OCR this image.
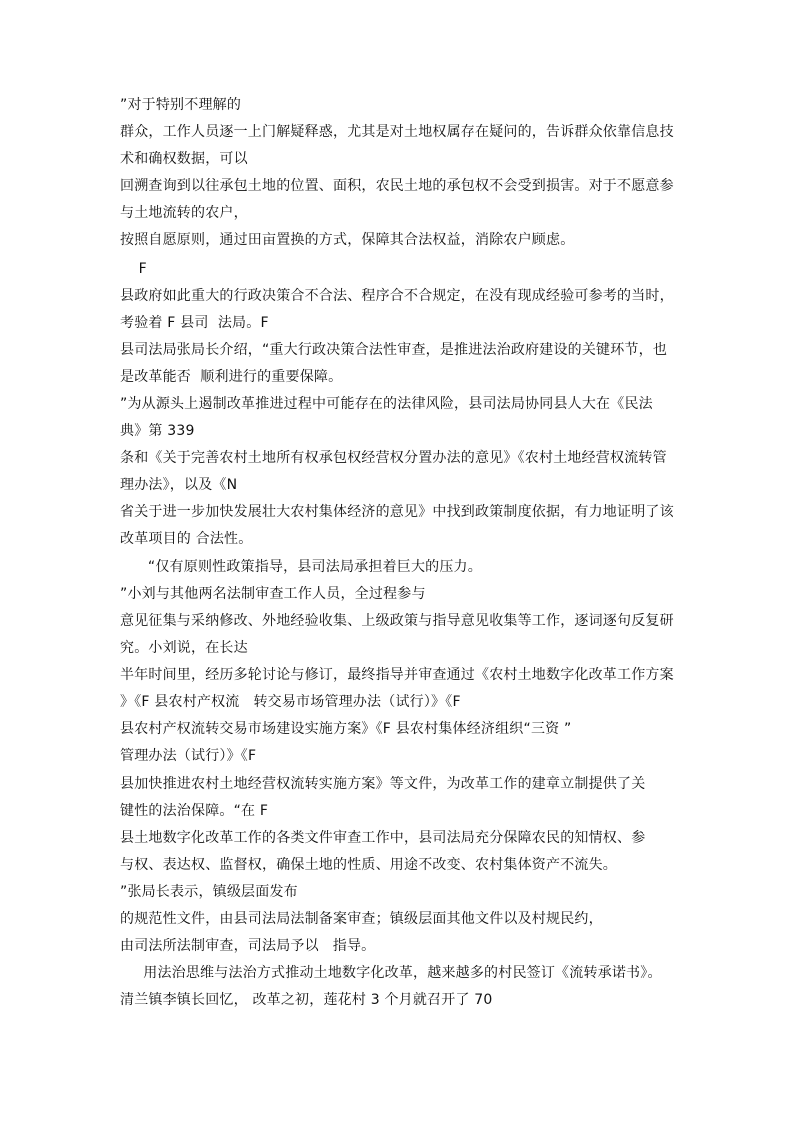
”对于特别不理解的
群众，工作人员逐一上门解疑释惑，尤其是对土地权属存在疑问的，告诉群众依靠信息技
术和确权数据，可以
回溯查询到以往承包土地的位置、面积，农民土地的承包权不会受到损害。对于不愿意参
与土地流转的农户，
按照自愿原则，通过田亩置换的方式，保障其合法权益，消除农户顾虑。
F
县政府如此重大的行政决策合不合法、程序合不合规定，在没有现成经验可参考的当时，
考验着 F 县司  法局。F
县司法局张局长介绍，“重大行政决策合法性审查，是推进法治政府建设的关键环节，也
是改革能否  顺利进行的重要保障。
”为从源头上遏制改革推进过程中可能存在的法律风险，县司法局协同县人大在《民法
典》第 339
条和《关于完善农村土地所有权承包权经营权分置办法的意见》《农村土地经营权流转管
理办法》，以及《N
省关于进一步加快发展壮大农村集体经济的意见》中找到政策制度依据，有力地证明了该
改革项目的 合法性。
“仅有原则性政策指导，县司法局承担着巨大的压力。
”小刘与其他两名法制审查工作人员，全过程参与
意见征集与采纳修改、外地经验收集、上级政策与指导意见收集等工作，逐词逐句反复研
究。小刘说，在长达
半年时间里，经历多轮讨论与修订，最终指导并审查通过《农村土地数字化改革工作方案
》《F 县农村产权流   转交易市场管理办法（试行）》《F
县农村产权流转交易市场建设实施方案》《F 县农村集体经济组织“三资 ”
管理办法（试行）》《F
县加快推进农村土地经营权流转实施方案》等文件，为改革工作的建章立制提供了关
键性的法治保障。“在 F
县土地数字化改革工作的各类文件审查工作中，县司法局充分保障农民的知情权、参
与权、表达权、监督权，确保土地的性质、用途不改变、农村集体资产不流失。
”张局长表示，镇级层面发布
的规范性文件，由县司法局法制备案审查；镇级层面其他文件以及村规民约，
由司法所法制审查，司法局予以   指导。
用法治思维与法治方式推动土地数字化改革，越来越多的村民签订《流转承诺书》。
清兰镇李镇长回忆， 改革之初，莲花村 3 个月就召开了 70
